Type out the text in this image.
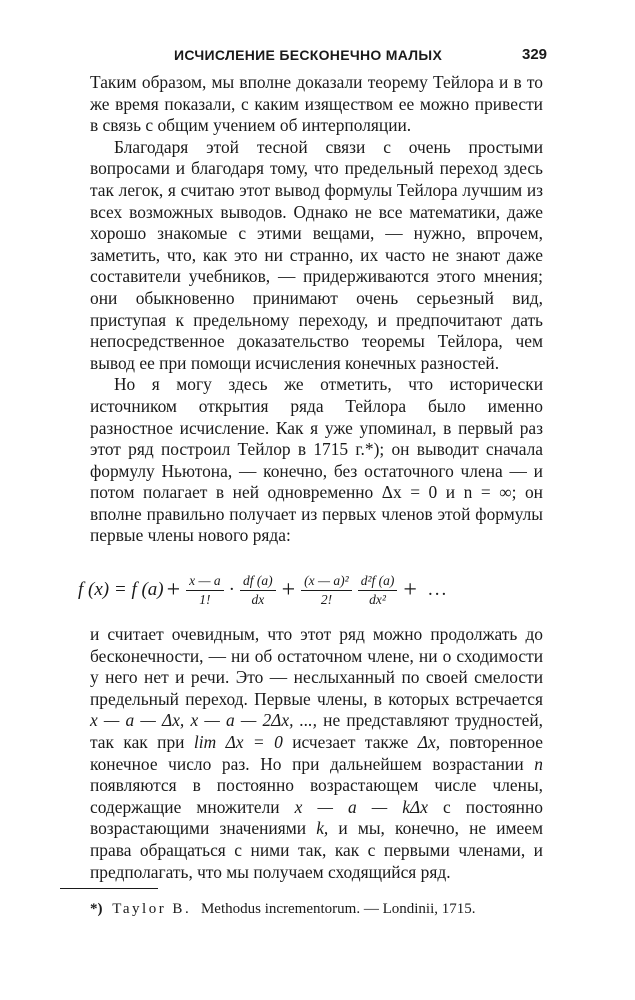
ИСЧИСЛЕНИЕ БЕСКОНЕЧНО МАЛЫХ	329

Таким образом, мы вполне доказали теорему Тейлора и в то же время показали, с каким изяществом ее можно привести в связь с общим учением об интерполяции.

Благодаря этой тесной связи с очень простыми вопросами и благодаря тому, что предельный переход здесь так легок, я считаю этот вывод формулы Тейлора лучшим из всех возможных выводов. Однако не все математики, даже хорошо знакомые с этими вещами, — нужно, впрочем, заметить, что, как это ни странно, их часто не знают даже составители учебников, — придерживаются этого мнения; они обыкновенно принимают очень серьезный вид, приступая к предельному переходу, и предпочитают дать непосредственное доказательство теоремы Тейлора, чем вывод ее при помощи исчисления конечных разностей.

Но я могу здесь же отметить, что исторически источником открытия ряда Тейлора было именно разностное исчисление. Как я уже упоминал, в первый раз этот ряд построил Тейлор в 1715 г.*); он выводит сначала формулу Ньютона, — конечно, без остаточного члена — и потом полагает в ней одновременно Δx = 0 и n = ∞; он вполне правильно получает из первых членов этой формулы первые члены нового ряда:

f (x) = f $(a) + \frac{x — a}{1!} \cdot \frac{df (a)}{dx} + \frac{\text{(x — a)²}}{2!} \frac{\text{d²f (a)}}{\text{dx²}}$ + ...

и считает очевидным, что этот ряд можно продолжать до бесконечности, — ни об остаточном члене, ни о сходимости у него нет и речи. Это — неслыханный по своей смелости предельный переход. Первые члены, в которых встречается x — a — Δx, x — a — 2Δx, ..., не представляют трудностей, так как при lim Δx = 0 исчезает также Δx, повторенное конечное число раз. Но при дальнейшем возрастании n появляются в постоянно возрастающем числе члены, содержащие множители x — a — kΔx с постоянно возрастающими значениями k, и мы, конечно, не имеем права обращаться с ними так, как с первыми членами, и предполагать, что мы получаем сходящийся ряд.

*) Taylor B. Methodus incrementorum. — Londinii, 1715.
